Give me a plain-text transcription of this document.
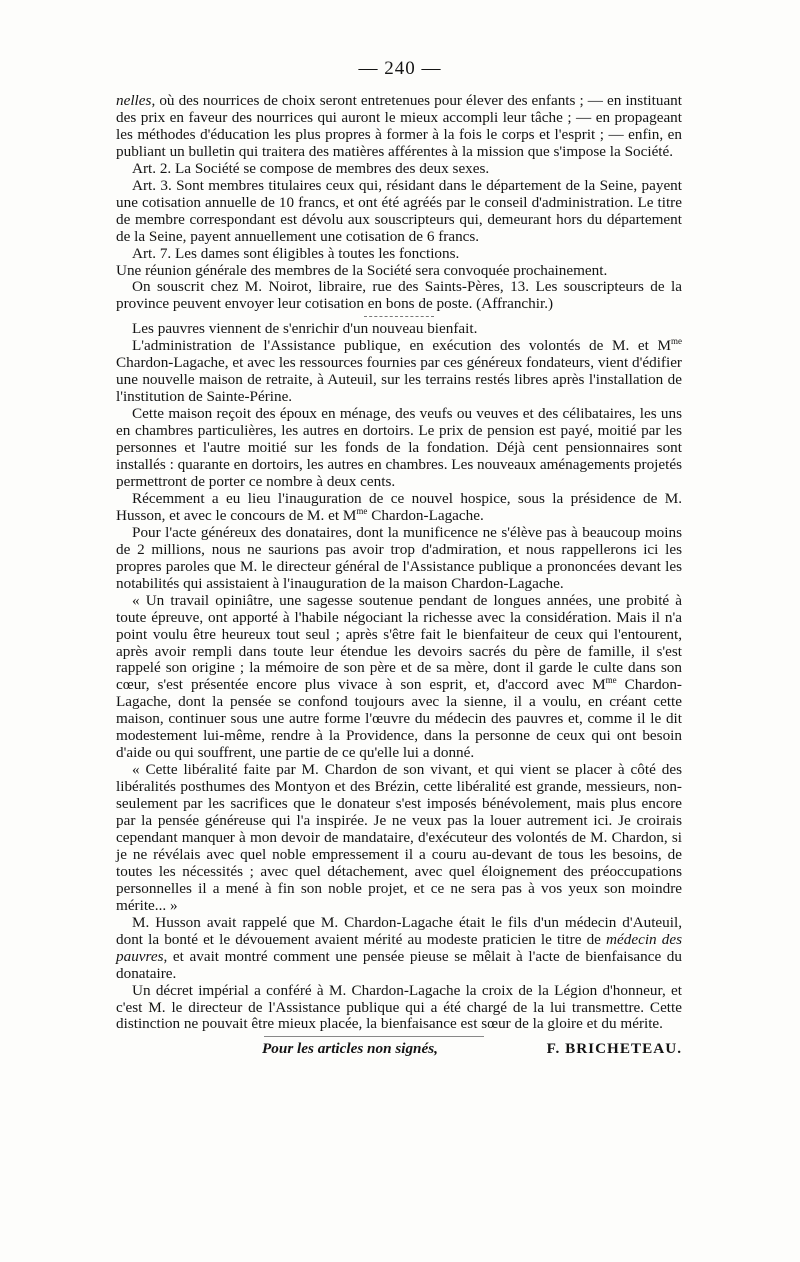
— 240 —

nelles, où des nourrices de choix seront entretenues pour élever des enfants ; — en instituant des prix en faveur des nourrices qui auront le mieux accompli leur tâche ; — en propageant les méthodes d'éducation les plus propres à former à la fois le corps et l'esprit ; — enfin, en publiant un bulletin qui traitera des matières afférentes à la mission que s'impose la Société.

Art. 2. La Société se compose de membres des deux sexes.

Art. 3. Sont membres titulaires ceux qui, résidant dans le département de la Seine, payent une cotisation annuelle de 10 francs, et ont été agréés par le conseil d'administration. Le titre de membre correspondant est dévolu aux souscripteurs qui, demeurant hors du département de la Seine, payent annuellement une cotisation de 6 francs.

Art. 7. Les dames sont éligibles à toutes les fonctions.

Une réunion générale des membres de la Société sera convoquée prochainement.

On souscrit chez M. Noirot, libraire, rue des Saints-Pères, 13. Les souscripteurs de la province peuvent envoyer leur cotisation en bons de poste. (Affranchir.)

Les pauvres viennent de s'enrichir d'un nouveau bienfait.

L'administration de l'Assistance publique, en exécution des volontés de M. et $M^{me}$ Chardon-Lagache, et avec les ressources fournies par ces généreux fondateurs, vient d'édifier une nouvelle maison de retraite, à Auteuil, sur les terrains restés libres après l'installation de l'institution de Sainte-Périne.

Cette maison reçoit des époux en ménage, des veufs ou veuves et des célibataires, les uns en chambres particulières, les autres en dortoirs. Le prix de pension est payé, moitié par les personnes et l'autre moitié sur les fonds de la fondation. Déjà cent pensionnaires sont installés : quarante en dortoirs, les autres en chambres. Les nouveaux aménagements projetés permettront de porter ce nombre à deux cents.

Récemment a eu lieu l'inauguration de ce nouvel hospice, sous la présidence de M. Husson, et avec le concours de M. et $M^{me}$ Chardon-Lagache.

Pour l'acte généreux des donataires, dont la munificence ne s'élève pas à beaucoup moins de 2 millions, nous ne saurions pas avoir trop d'admiration, et nous rappellerons ici les propres paroles que M. le directeur général de l'Assistance publique a prononcées devant les notabilités qui assistaient à l'inauguration de la maison Chardon-Lagache.

« Un travail opiniâtre, une sagesse soutenue pendant de longues années, une probité à toute épreuve, ont apporté à l'habile négociant la richesse avec la considération. Mais il n'a point voulu être heureux tout seul ; après s'être fait le bienfaiteur de ceux qui l'entourent, après avoir rempli dans toute leur étendue les devoirs sacrés du père de famille, il s'est rappelé son origine ; la mémoire de son père et de sa mère, dont il garde le culte dans son cœur, s'est présentée encore plus vivace à son esprit, et, d'accord avec $M^{me}$ Chardon-Lagache, dont la pensée se confond toujours avec la sienne, il a voulu, en créant cette maison, continuer sous une autre forme l'œuvre du médecin des pauvres et, comme il le dit modestement lui-même, rendre à la Providence, dans la personne de ceux qui ont besoin d'aide ou qui souffrent, une partie de ce qu'elle lui a donné.

« Cette libéralité faite par M. Chardon de son vivant, et qui vient se placer à côté des libéralités posthumes des Montyon et des Brézin, cette libéralité est grande, messieurs, non-seulement par les sacrifices que le donateur s'est imposés bénévolement, mais plus encore par la pensée généreuse qui l'a inspirée. Je ne veux pas la louer autrement ici. Je croirais cependant manquer à mon devoir de mandataire, d'exécuteur des volontés de M. Chardon, si je ne révélais avec quel noble empressement il a couru au-devant de tous les besoins, de toutes les nécessités ; avec quel détachement, avec quel éloignement des préoccupations personnelles il a mené à fin son noble projet, et ce ne sera pas à vos yeux son moindre mérite... »

M. Husson avait rappelé que M. Chardon-Lagache était le fils d'un médecin d'Auteuil, dont la bonté et le dévouement avaient mérité au modeste praticien le titre de médecin des pauvres, et avait montré comment une pensée pieuse se mêlait à l'acte de bienfaisance du donataire.

Un décret impérial a conféré à M. Chardon-Lagache la croix de la Légion d'honneur, et c'est M. le directeur de l'Assistance publique qui a été chargé de la lui transmettre. Cette distinction ne pouvait être mieux placée, la bienfaisance est sœur de la gloire et du mérite.

Pour les articles non signés,	F. BRICHETEAU.
